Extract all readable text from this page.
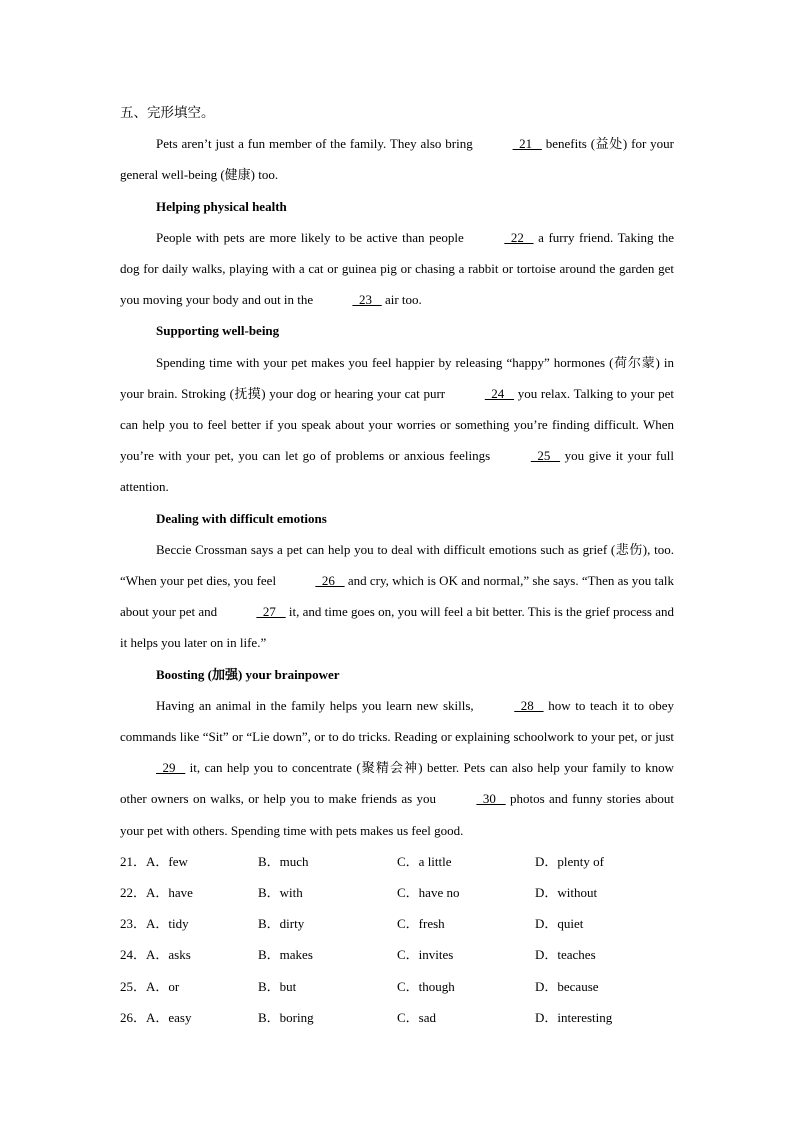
五、完形填空。

Pets aren’t just a fun member of the family. They also bring	21    benefits (益处) for your general well-being (健康) too.

Helping physical health

People with pets are more likely to be active than people	22    a furry friend. Taking the dog for daily walks, playing with a cat or guinea pig or chasing a rabbit or tortoise around the garden get you moving your body and out in the	23    air too.

Supporting well-being

Spending time with your pet makes you feel happier by releasing “happy” hormones (荷尔蒙) in your brain. Stroking (抚摸) your dog or hearing your cat purr	24    you relax. Talking to your pet can help you to feel better if you speak about your worries or something you’re finding difficult. When you’re with your pet, you can let go of problems or anxious feelings	25    you give it your full attention.

Dealing with difficult emotions

Beccie Crossman says a pet can help you to deal with difficult emotions such as grief (悲伤), too. “When your pet dies, you feel	26    and cry, which is OK and normal,” she says. “Then as you talk about your pet and	27    it, and time goes on, you will feel a bit better. This is the grief process and it helps you later on in life.”

Boosting (加强) your brainpower

Having an animal in the family helps you learn new skills,	28    how to teach it to obey commands like “Sit” or “Lie down”, or to do tricks. Reading or explaining schoolwork to your pet, or just   29    it, can help you to concentrate (聚精会神) better. Pets can also help your family to know other owners on walks, or help you to make friends as you	30    photos and funny stories about your pet with others. Spending time with pets makes us feel good.

21．A．few	B．much	C．a little	D．plenty of
22．A．have	B．with	C．have no	D．without
23．A．tidy	B．dirty	C．fresh	D．quiet
24．A．asks	B．makes	C．invites	D．teaches
25．A．or	B．but	C．though	D．because
26．A．easy	B．boring	C．sad	D．interesting
